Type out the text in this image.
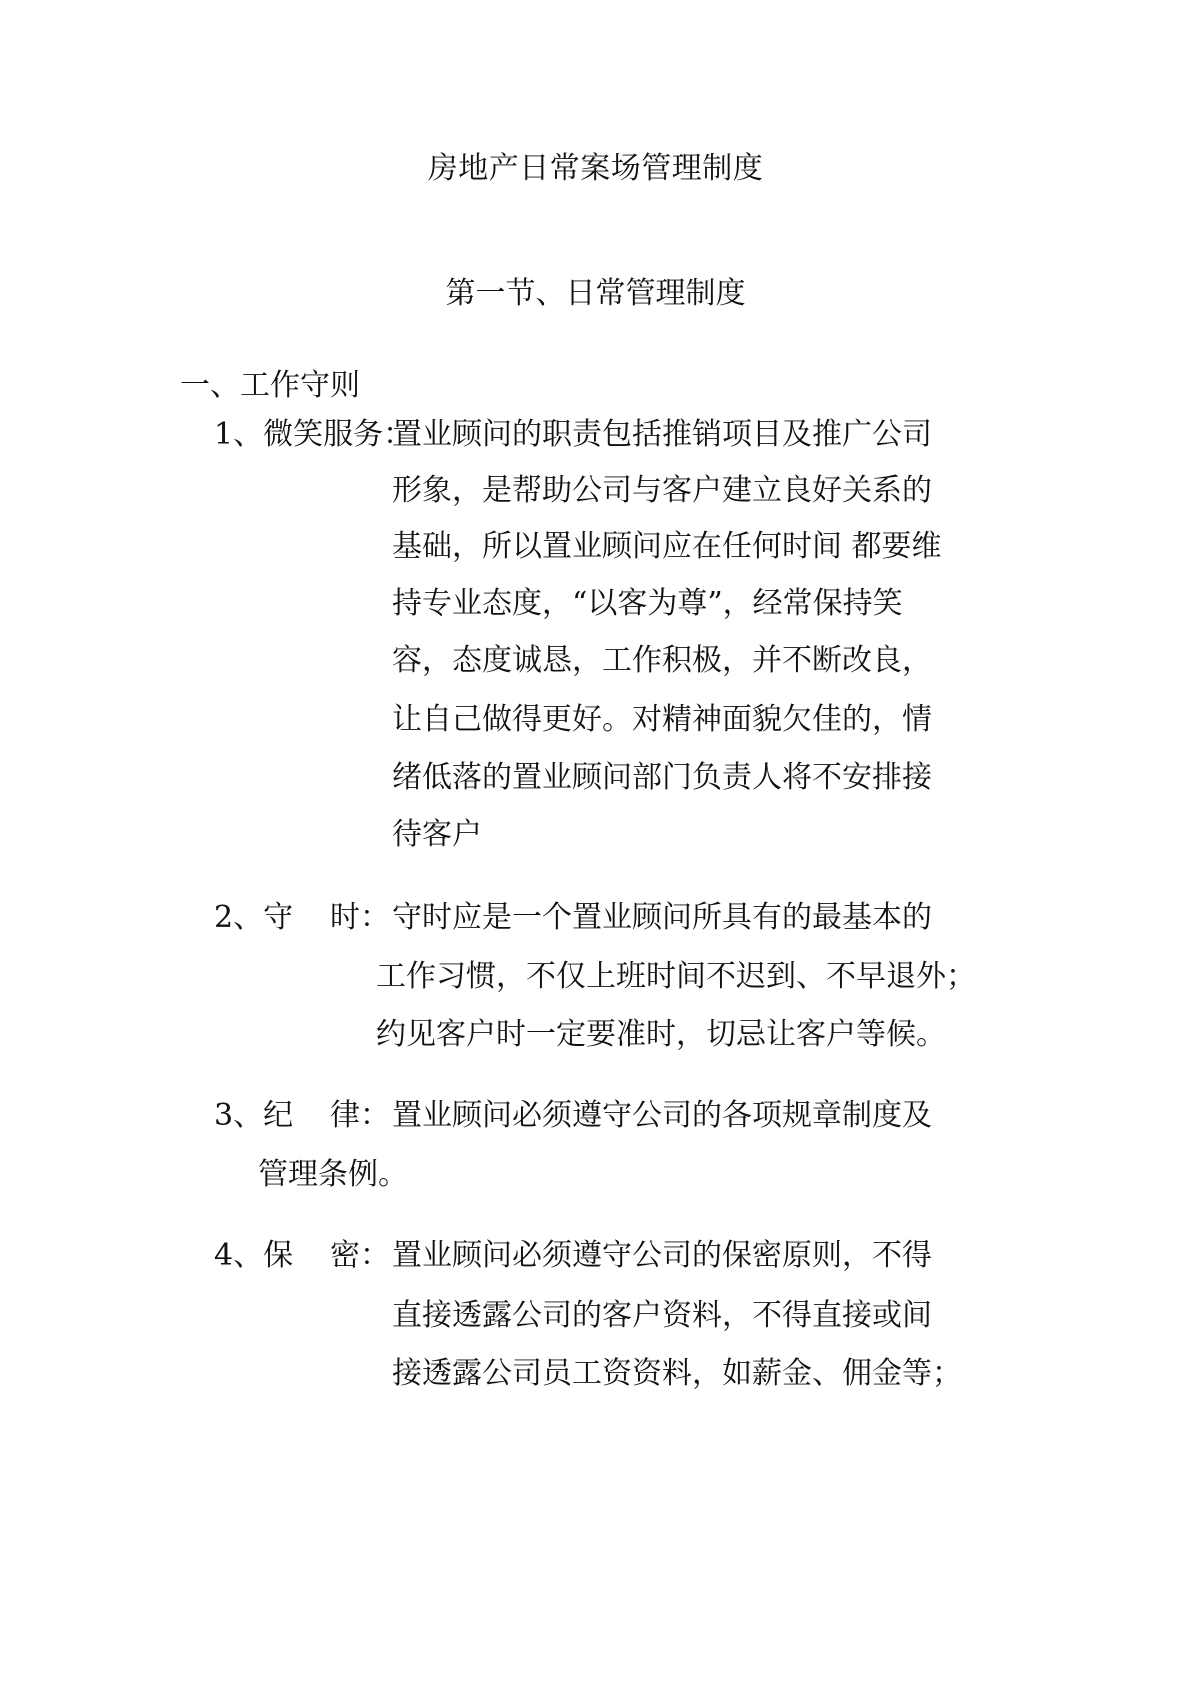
房地产日常案场管理制度
第一节、日常管理制度
一、工作守则
1、微笑服务：
置业顾问的职责包括推销项目及推广公司
形象，是帮助公司与客户建立良好关系的
基础，所以置业顾问应在任何时间 都要维
持专业态度，“以客为尊”，经常保持笑
容，态度诚恳，工作积极，并不断改良，
让自己做得更好。对精神面貌欠佳的，情
绪低落的置业顾问部门负责人将不安排接
待客户
2、守 时： 守时应是一个置业顾问所具有的最基本的
工作习惯，不仅上班时间不迟到、不早退外；
约见客户时一定要准时，切忌让客户等候。
3、纪 律： 置业顾问必须遵守公司的各项规章制度及
管理条例。
4、保 密： 置业顾问必须遵守公司的保密原则，不得
直接透露公司的客户资料，不得直接或间
接透露公司员工资资料，如薪金、佣金等；
